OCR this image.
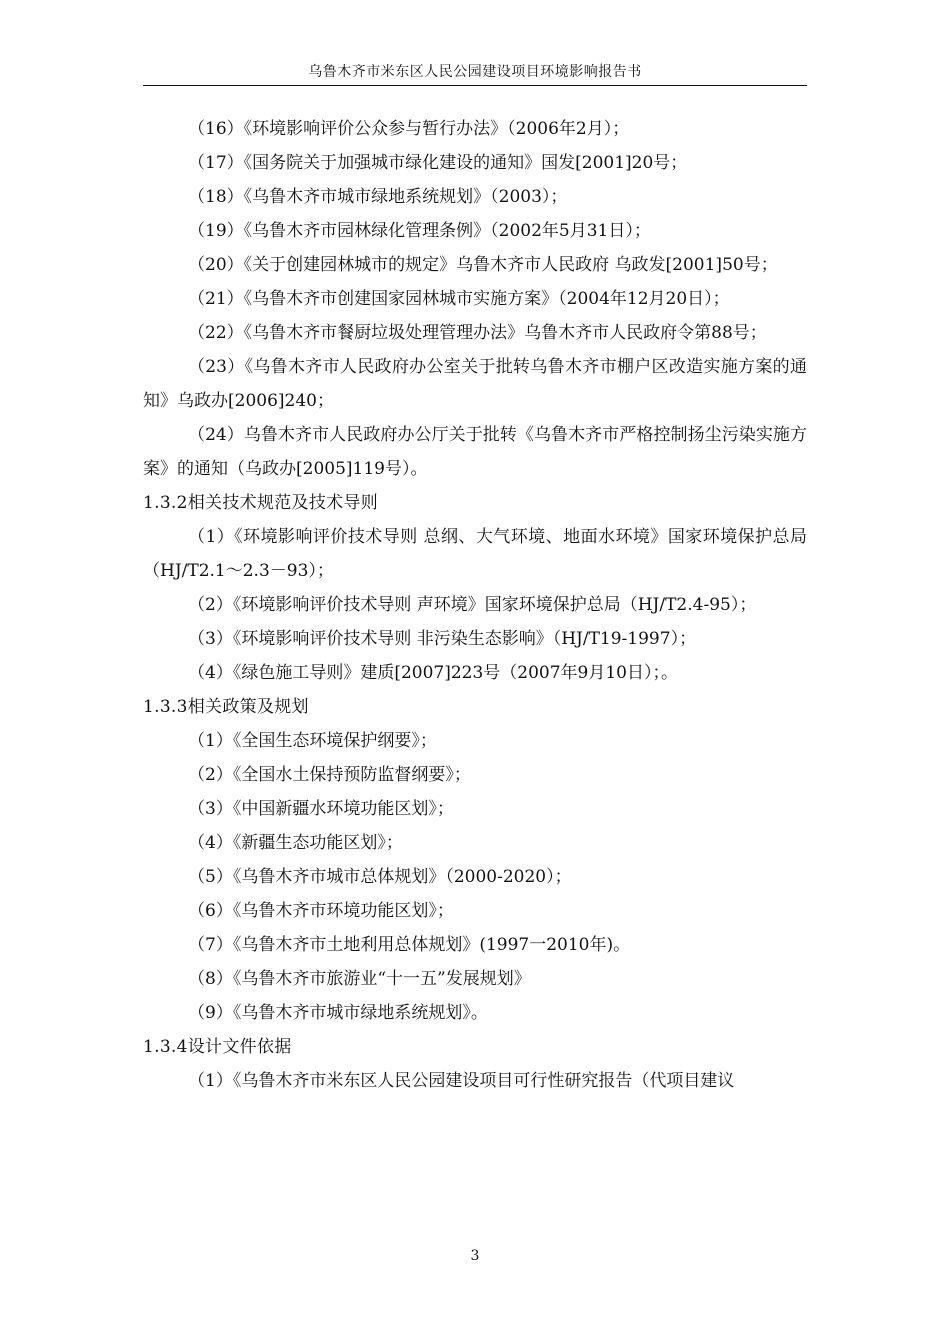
乌鲁木齐市米东区人民公园建设项目环境影响报告书

（16）《环境影响评价公众参与暂行办法》（2006年2月）；

（17）《国务院关于加强城市绿化建设的通知》国发[2001]20号；

（18）《乌鲁木齐市城市绿地系统规划》（2003）；

（19）《乌鲁木齐市园林绿化管理条例》（2002年5月31日）；

（20）《关于创建园林城市的规定》乌鲁木齐市人民政府 乌政发[2001]50号；

（21）《乌鲁木齐市创建国家园林城市实施方案》（2004年12月20日）；

（22）《乌鲁木齐市餐厨垃圾处理管理办法》乌鲁木齐市人民政府令第88号；

（23）《乌鲁木齐市人民政府办公室关于批转乌鲁木齐市棚户区改造实施方案的通知》乌政办[2006]240；

（24）乌鲁木齐市人民政府办公厅关于批转《乌鲁木齐市严格控制扬尘污染实施方案》的通知（乌政办[2005]119号）。

1.3.2相关技术规范及技术导则

（1）《环境影响评价技术导则 总纲、大气环境、地面水环境》国家环境保护总局（HJ/T2.1～2.3－93）；

（2）《环境影响评价技术导则 声环境》国家环境保护总局（HJ/T2.4-95）；

（3）《环境影响评价技术导则 非污染生态影响》（HJ/T19-1997）；

（4）《绿色施工导则》建质[2007]223号（2007年9月10日）；。

1.3.3相关政策及规划

（1）《全国生态环境保护纲要》；

（2）《全国水土保持预防监督纲要》；

（3）《中国新疆水环境功能区划》；

（4）《新疆生态功能区划》；

（5）《乌鲁木齐市城市总体规划》（2000-2020）；

（6）《乌鲁木齐市环境功能区划》；

（7）《乌鲁木齐市土地利用总体规划》(1997一2010年)。

（8）《乌鲁木齐市旅游业“十一五”发展规划》

（9）《乌鲁木齐市城市绿地系统规划》。

1.3.4设计文件依据

（1）《乌鲁木齐市米东区人民公园建设项目可行性研究报告（代项目建议

3
